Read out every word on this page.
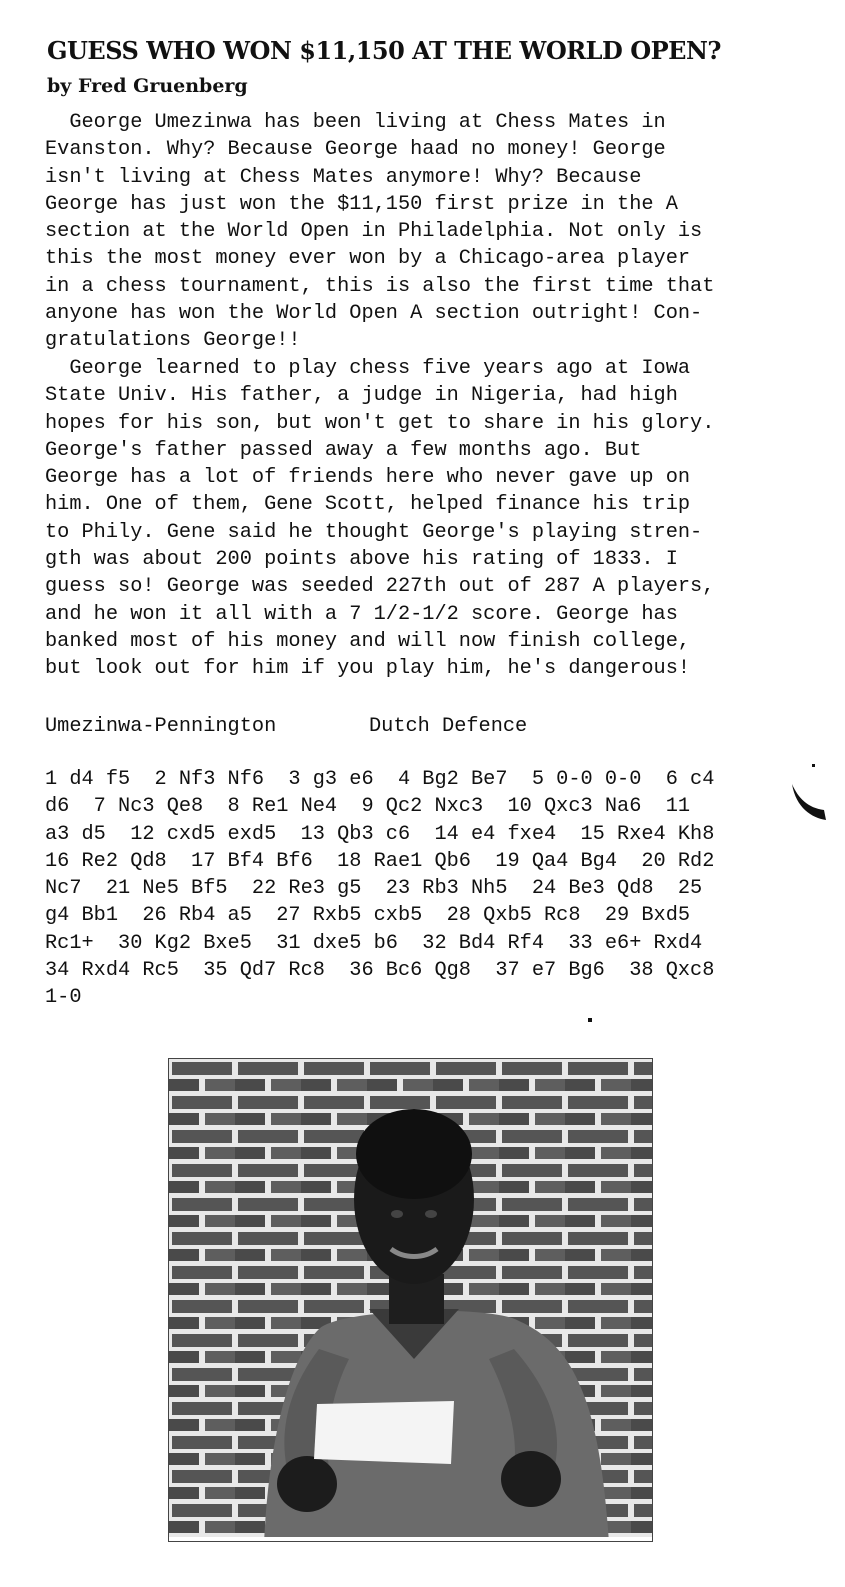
GUESS WHO WON $11,150 AT THE WORLD OPEN?
by Fred Gruenberg
George Umezinwa has been living at Chess Mates in
Evanston. Why? Because George haad no money! George
isn't living at Chess Mates anymore! Why? Because
George has just won the $11,150 first prize in the A
section at the World Open in Philadelphia. Not only is
this the most money ever won by a Chicago-area player
in a chess tournament, this is also the first time that
anyone has won the World Open A section outright! Con-
gratulations George!!
George learned to play chess five years ago at Iowa
State Univ. His father, a judge in Nigeria, had high
hopes for his son, but won't get to share in his glory.
George's father passed away a few months ago. But
George has a lot of friends here who never gave up on
him. One of them, Gene Scott, helped finance his trip
to Phily. Gene said he thought George's playing stren-
gth was about 200 points above his rating of 1833. I
guess so! George was seeded 227th out of 287 A players,
and he won it all with a 7 1/2-1/2 score. George has
banked most of his money and will now finish college,
but look out for him if you play him, he's dangerous!
Umezinwa-Pennington	Dutch Defence
1 d4 f5  2 Nf3 Nf6  3 g3 e6  4 Bg2 Be7  5 0-0 0-0  6 c4
d6  7 Nc3 Qe8  8 Re1 Ne4  9 Qc2 Nxc3  10 Qxc3 Na6  11
a3 d5  12 cxd5 exd5  13 Qb3 c6  14 e4 fxe4  15 Rxe4 Kh8
16 Re2 Qd8  17 Bf4 Bf6  18 Rae1 Qb6  19 Qa4 Bg4  20 Rd2
Nc7  21 Ne5 Bf5  22 Re3 g5  23 Rb3 Nh5  24 Be3 Qd8  25
g4 Bb1  26 Rb4 a5  27 Rxb5 cxb5  28 Qxb5 Rc8  29 Bxd5
Rc1+  30 Kg2 Bxe5  31 dxe5 b6  32 Bd4 Rf4  33 e6+ Rxd4
34 Rxd4 Rc5  35 Qd7 Rc8  36 Bc6 Qg8  37 e7 Bg6  38 Qxc8
1-0
